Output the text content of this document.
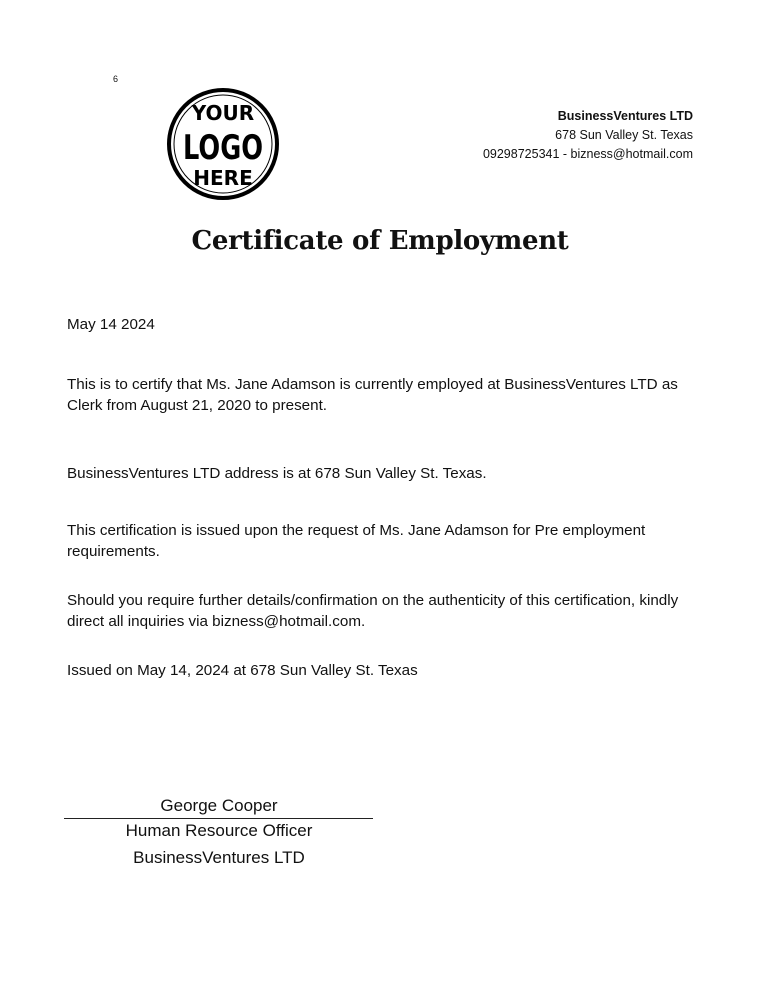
6
YOUR
LOGO
HERE
BusinessVentures LTD
678 Sun Valley St. Texas
09298725341 - bizness@hotmail.com
Certificate of Employment
May 14 2024
This is to certify that Ms. Jane Adamson is currently employed at BusinessVentures LTD as Clerk from August 21, 2020 to present.
BusinessVentures LTD address is at 678 Sun Valley St. Texas.
This certification is issued upon the request of Ms. Jane Adamson for Pre employment requirements.
Should you require further details/confirmation on the authenticity of this certification, kindly direct all inquiries via bizness@hotmail.com.
Issued on May 14, 2024 at 678 Sun Valley St. Texas
George Cooper
Human Resource Officer
BusinessVentures LTD
